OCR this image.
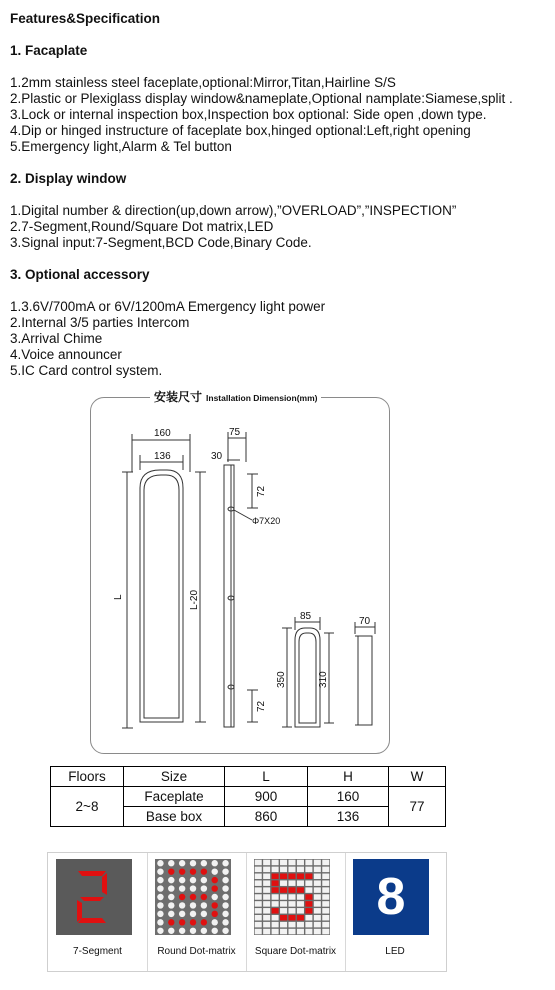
Features&Specification
1. Facaplate
1.2mm stainless steel faceplate,optional:Mirror,Titan,Hairline S/S
2.Plastic or Plexiglass display window&nameplate,Optional namplate:Siamese,split .
3.Lock or internal inspection box,Inspection box optional: Side open ,down type.
4.Dip or hinged instructure of faceplate box,hinged optional:Left,right opening
5.Emergency light,Alarm & Tel button
2. Display window
1.Digital number & direction(up,down arrow),”OVERLOAD”,”INSPECTION”
2.7-Segment,Round/Square Dot matrix,LED
3.Signal input:7-Segment,BCD Code,Binary Code.
3. Optional accessory
1.3.6V/700mA or 6V/1200mA Emergency light power
2.Internal 3/5 parties Intercom
3.Arrival Chime
4.Voice announcer
5.IC Card control system.
安装尺寸 Installation Dimension(mm)
160
136
75
30
72
Φ7X20
L	L-20
72
85	70
350	310
Floors	Size	L	H	W
2~8	Faceplate	900	160	77
	Base box	860	136	
7-Segment	Round Dot-matrix	Square Dot-matrix
8
LED
